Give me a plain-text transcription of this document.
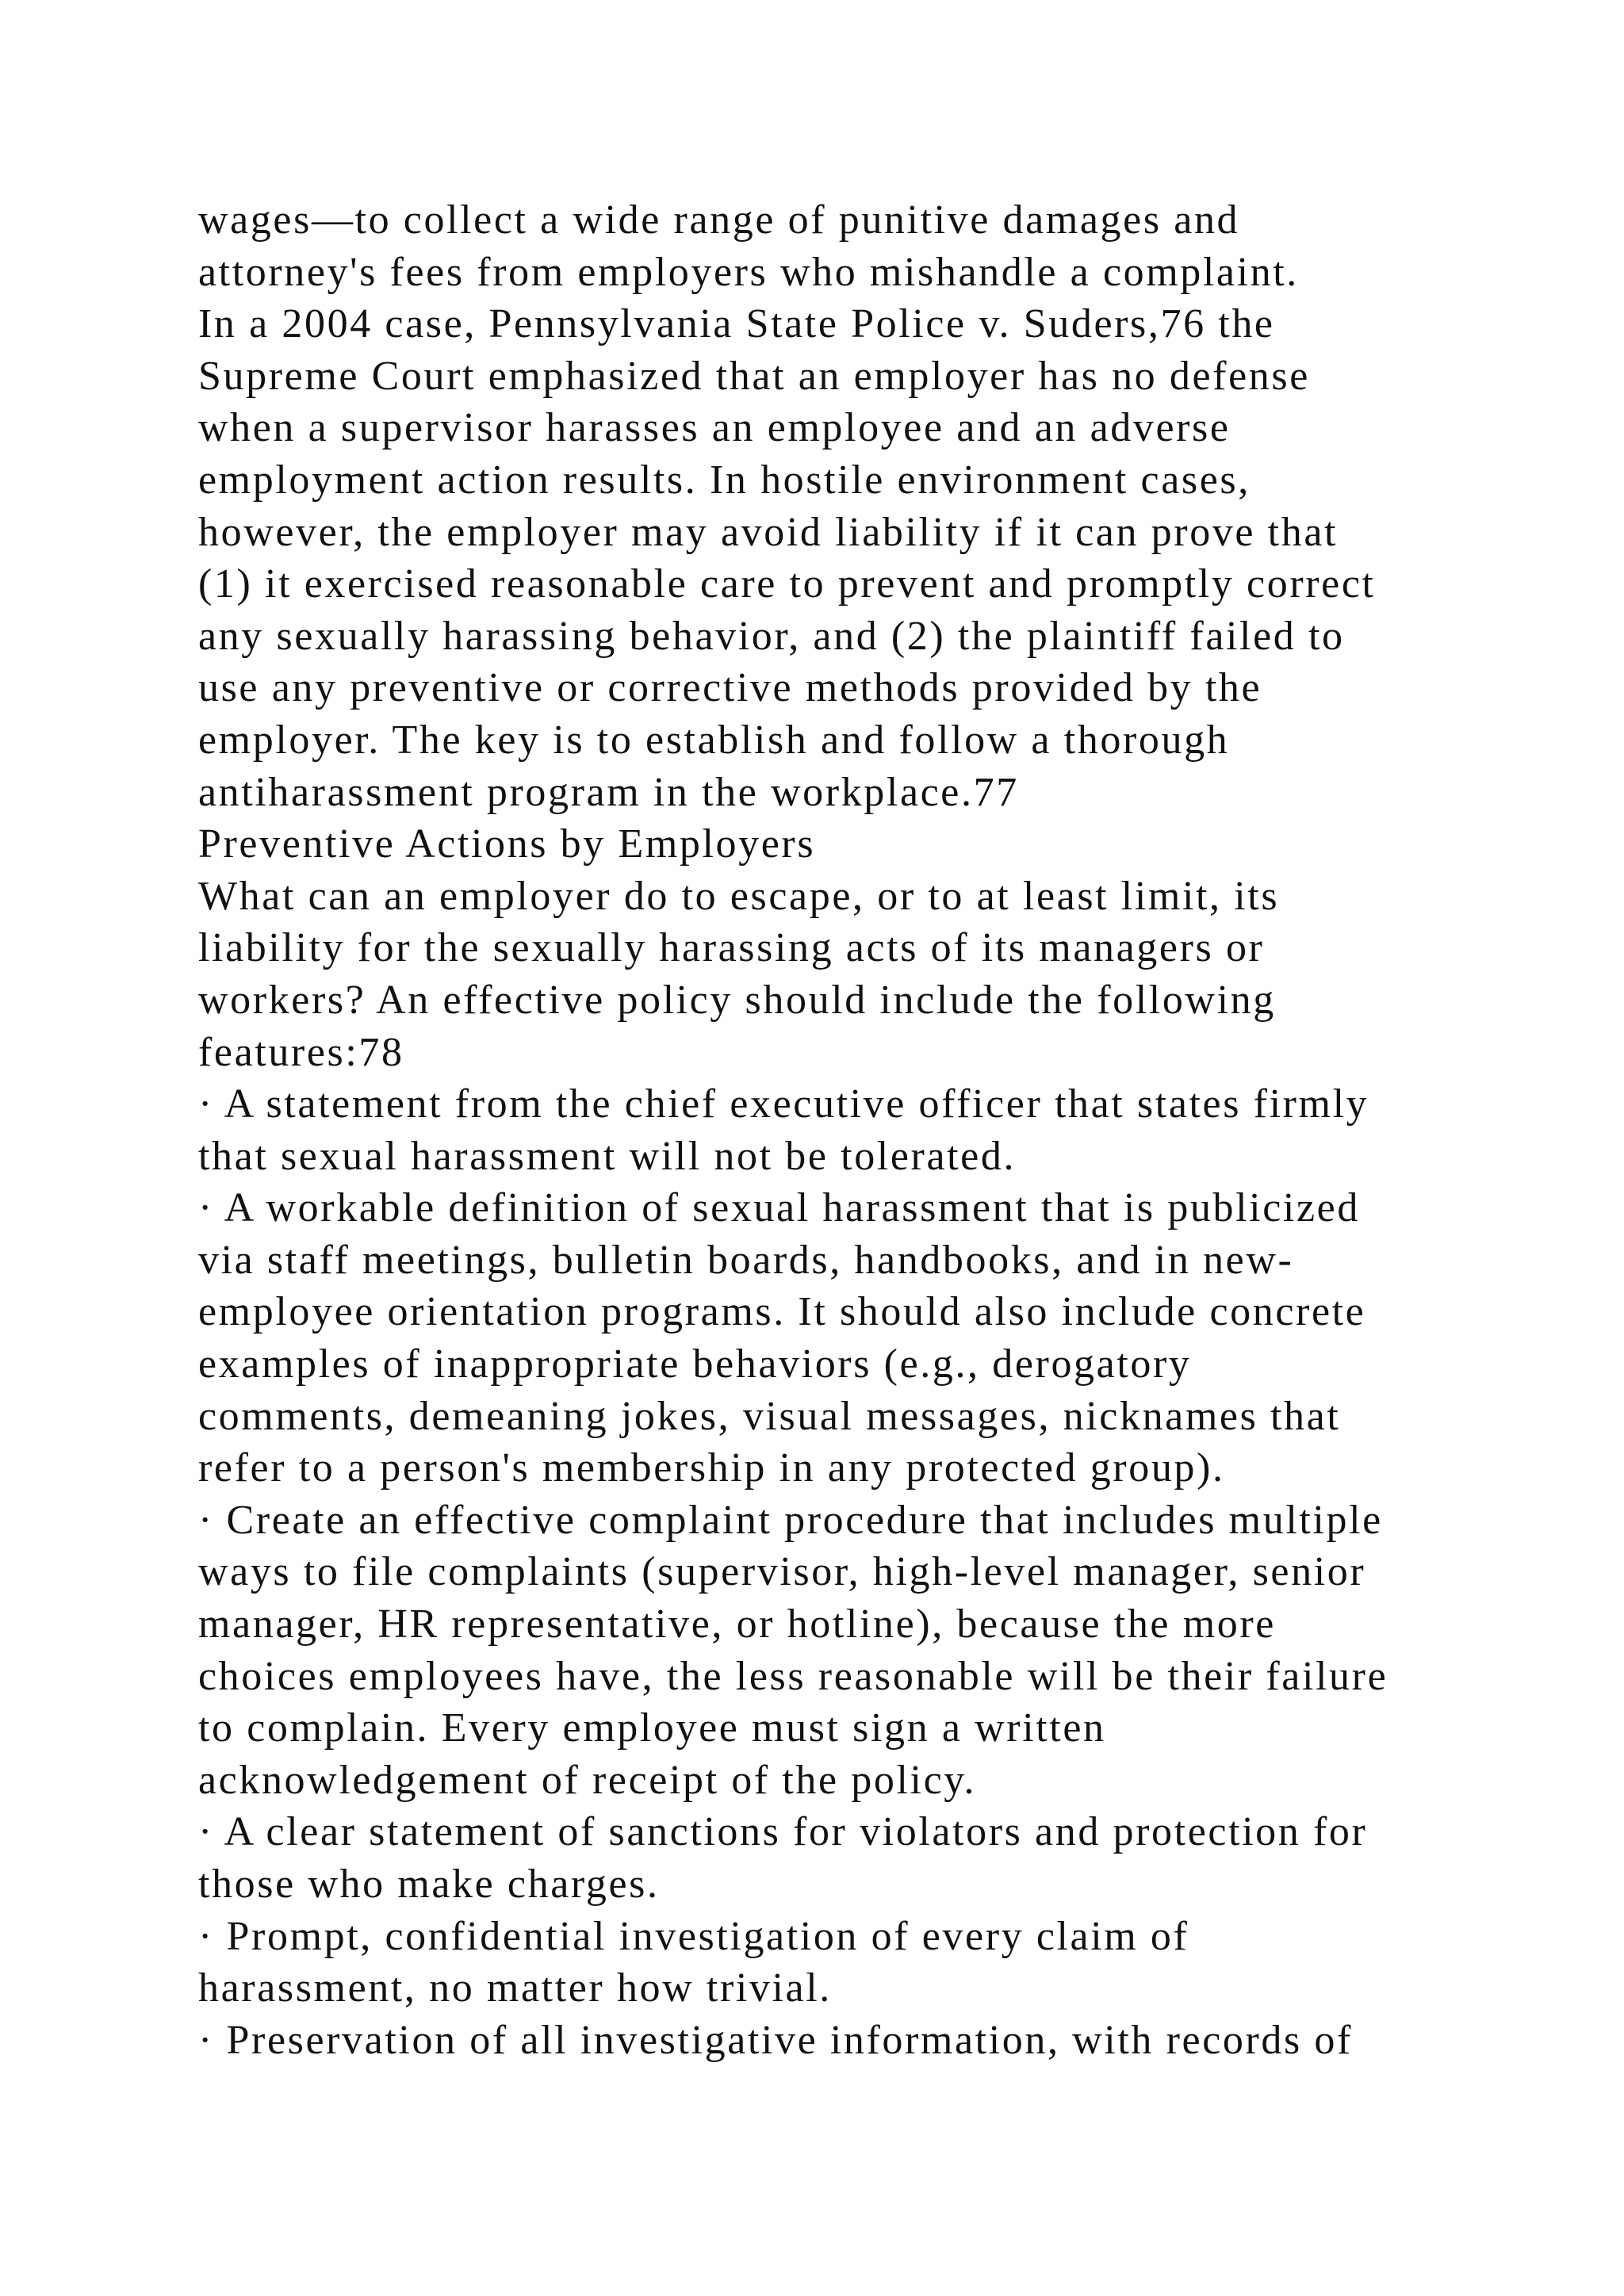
wages—to collect a wide range of punitive damages and
attorney's fees from employers who mishandle a complaint.
In a 2004 case, Pennsylvania State Police v. Suders,76 the
Supreme Court emphasized that an employer has no defense
when a supervisor harasses an employee and an adverse
employment action results. In hostile environment cases,
however, the employer may avoid liability if it can prove that
(1) it exercised reasonable care to prevent and promptly correct
any sexually harassing behavior, and (2) the plaintiff failed to
use any preventive or corrective methods provided by the
employer. The key is to establish and follow a thorough
antiharassment program in the workplace.77
Preventive Actions by Employers
What can an employer do to escape, or to at least limit, its
liability for the sexually harassing acts of its managers or
workers? An effective policy should include the following
features:78
· A statement from the chief executive officer that states firmly
that sexual harassment will not be tolerated.
· A workable definition of sexual harassment that is publicized
via staff meetings, bulletin boards, handbooks, and in new-
employee orientation programs. It should also include concrete
examples of inappropriate behaviors (e.g., derogatory
comments, demeaning jokes, visual messages, nicknames that
refer to a person's membership in any protected group).
· Create an effective complaint procedure that includes multiple
ways to file complaints (supervisor, high-level manager, senior
manager, HR representative, or hotline), because the more
choices employees have, the less reasonable will be their failure
to complain. Every employee must sign a written
acknowledgement of receipt of the policy.
· A clear statement of sanctions for violators and protection for
those who make charges.
· Prompt, confidential investigation of every claim of
harassment, no matter how trivial.
· Preservation of all investigative information, with records of
